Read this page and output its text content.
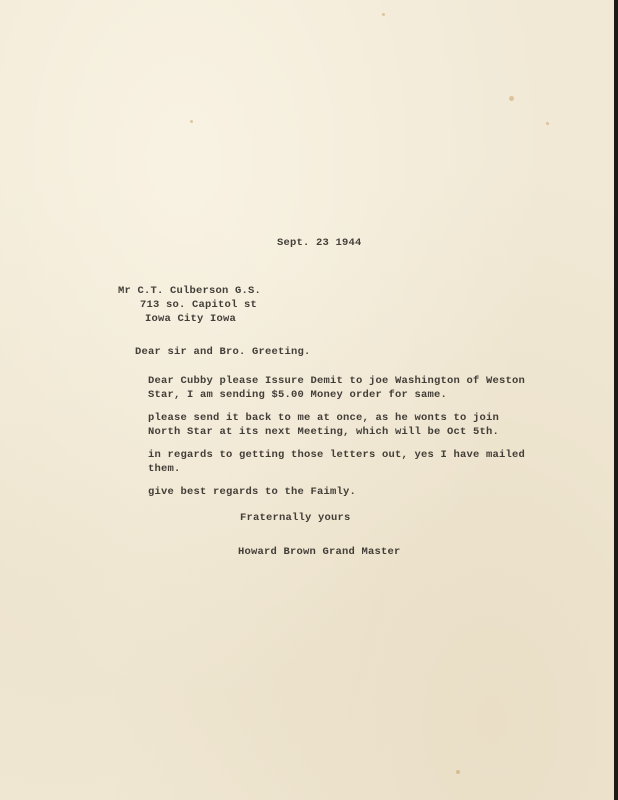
Sept. 23 1944
Mr C.T. Culberson G.S.
713 so. Capitol st
Iowa City Iowa
Dear sir and Bro. Greeting.
Dear Cubby please Issure Demit to joe Washington of Weston
Star, I am sending $5.00 Money order for same.
please send it back to me at once, as he wonts to join
North Star at its next Meeting, which will be Oct 5th.
in regards to getting those letters out, yes I have mailed
them.
give best regards to the Faimly.
Fraternally yours
Howard Brown Grand Master
